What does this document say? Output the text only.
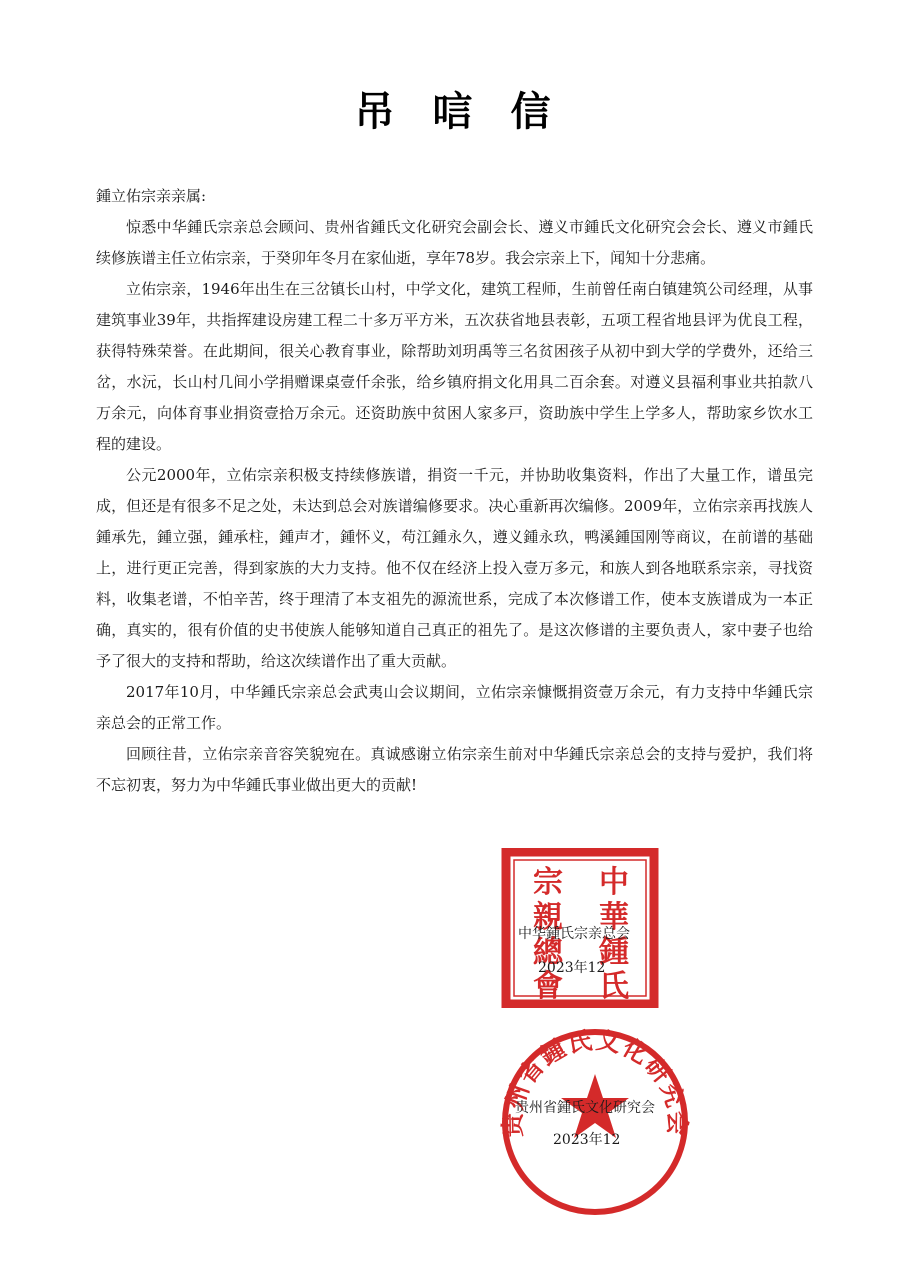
吊唁信
鍾立佑宗亲亲属:

惊悉中华鍾氏宗亲总会顾问、贵州省鍾氏文化研究会副会长、遵义市鍾氏文化研究会会长、遵义市鍾氏续修族谱主任立佑宗亲，于癸卯年冬月在家仙逝，享年78岁。我会宗亲上下，闻知十分悲痛。

立佑宗亲，1946年出生在三岔镇长山村，中学文化，建筑工程师，生前曾任南白镇建筑公司经理，从事建筑事业39年，共指挥建设房建工程二十多万平方米，五次获省地县表彰，五项工程省地县评为优良工程，获得特殊荣誉。在此期间，很关心教育事业，除帮助刘玥禹等三名贫困孩子从初中到大学的学费外，还给三岔，水沅，长山村几间小学捐赠课桌壹仟余张，给乡镇府捐文化用具二百余套。对遵义县福利事业共拍款八万余元，向体育事业捐资壹拾万余元。还资助族中贫困人家多戸，资助族中学生上学多人，帮助家乡饮水工程的建设。

公元2000年，立佑宗亲积极支持续修族谱，捐资一千元，并协助收集资料，作出了大量工作，谱虽完成，但还是有很多不足之处，未达到总会对族谱编修要求。决心重新再次编修。2009年，立佑宗亲再找族人鍾承先，鍾立强，鍾承柱，鍾声才，鍾怀义，苟江鍾永久，遵义鍾永玖，鸭溪鍾国刚等商议，在前谱的基础上，进行更正完善，得到家族的大力支持。他不仅在经济上投入壹万多元，和族人到各地联系宗亲，寻找资料，收集老谱，不怕辛苦，终于理清了本支祖先的源流世系，完成了本次修谱工作，使本支族谱成为一本正确，真实的，很有价值的史书使族人能够知道自己真正的祖先了。是这次修谱的主要负责人，家中妻子也给予了很大的支持和帮助，给这次续谱作出了重大贡献。

2017年10月，中华鍾氏宗亲总会武夷山会议期间，立佑宗亲慷慨捐资壹万余元，有力支持中华鍾氏宗亲总会的正常工作。

回顾往昔，立佑宗亲音容笑貌宛在。真诚感谢立佑宗亲生前对中华鍾氏宗亲总会的支持与爱护，我们将不忘初衷，努力为中华鍾氏事业做出更大的贡献!

中
華
鍾
氏
宗
親
總
會
中华鍾氏宗亲总会
2023年12
贵州省鍾氏文化研究会
贵州省鍾氏文化研究会
2023年12
